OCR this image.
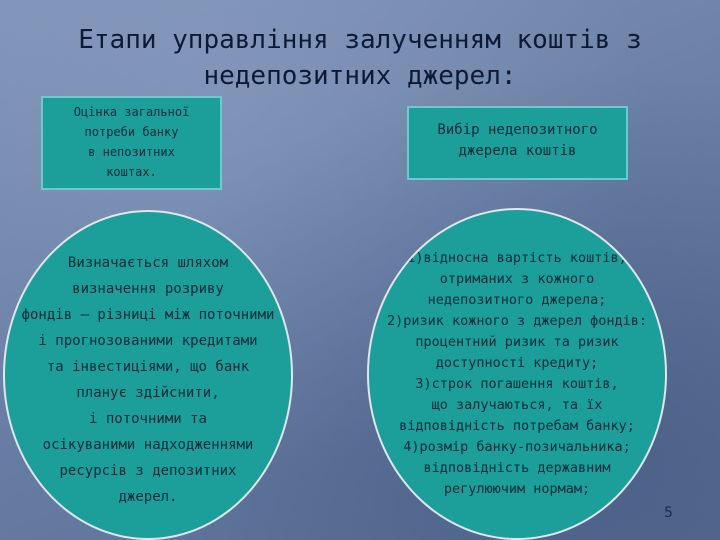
Етапи управління залученням коштів з
недепозитних джерел:
Оцінка загальної
потреби банку
в непозитних
коштах.
Вибір недепозитного
джерела коштів
Визначається шляхом
визначення розриву
фондів – різниці між поточними
і прогнозованими кредитами
та інвестиціями, що банк
планує здійснити,
і поточними та
осікуваними надходженнями
ресурсів з депозитних
джерел.
1)відносна вартість коштів,
отриманих з кожного
недепозитного джерела;
2)ризик кожного з джерел фондів:
процентний ризик та ризик
доступності кредиту;
3)строк погашення коштів,
що залучаються, та їх
відповідність потребам банку;
4)розмір банку-позичальника;
відповідність державним
регулюючим нормам;
5
